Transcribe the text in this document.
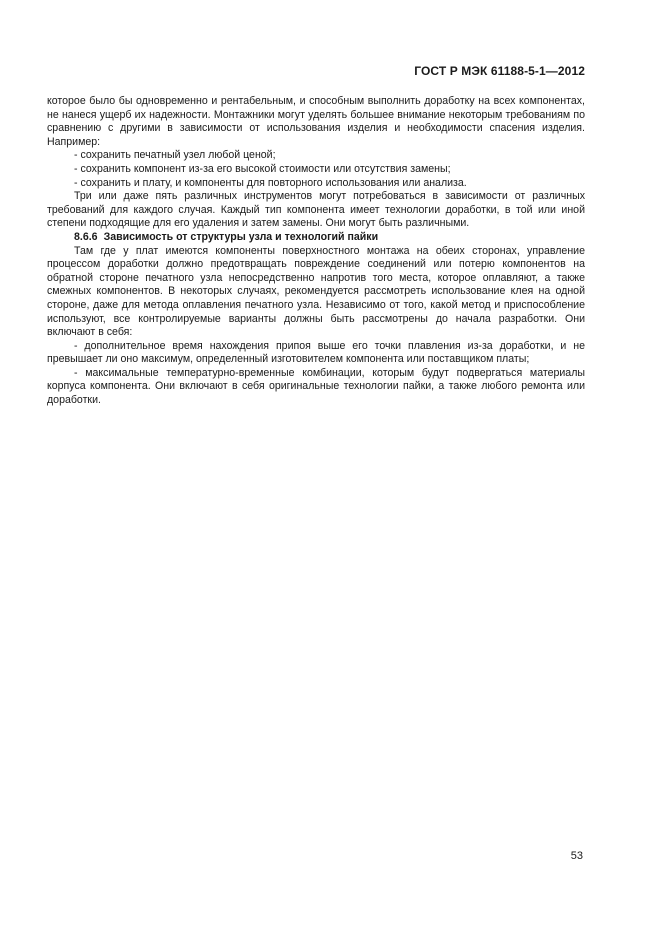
ГОСТ Р МЭК 61188-5-1—2012

которое было бы одновременно и рентабельным, и способным выполнить доработку на всех компонентах, не нанеся ущерб их надежности. Монтажники могут уделять большее внимание некоторым требованиям по сравнению с другими в зависимости от использования изделия и необходимости спасения изделия. Например:

- сохранить печатный узел любой ценой;

- сохранить компонент из-за его высокой стоимости или отсутствия замены;

- сохранить и плату, и компоненты для повторного использования или анализа.

Три или даже пять различных инструментов могут потребоваться в зависимости от различных требований для каждого случая. Каждый тип компонента имеет технологии доработки, в той или иной степени подходящие для его удаления и затем замены. Они могут быть различными.

8.6.6 Зависимость от структуры узла и технологий пайки

Там где у плат имеются компоненты поверхностного монтажа на обеих сторонах, управление процессом доработки должно предотвращать повреждение соединений или потерю компонентов на обратной стороне печатного узла непосредственно напротив того места, которое оплавляют, а также смежных компонентов. В некоторых случаях, рекомендуется рассмотреть использование клея на одной стороне, даже для метода оплавления печатного узла. Независимо от того, какой метод и приспособление используют, все контролируемые варианты должны быть рассмотрены до начала разработки. Они включают в себя:

- дополнительное время нахождения припоя выше его точки плавления из-за доработки, и не превышает ли оно максимум, определенный изготовителем компонента или поставщиком платы;

- максимальные температурно-временные комбинации, которым будут подвергаться материалы корпуса компонента. Они включают в себя оригинальные технологии пайки, а также любого ремонта или доработки.

53
